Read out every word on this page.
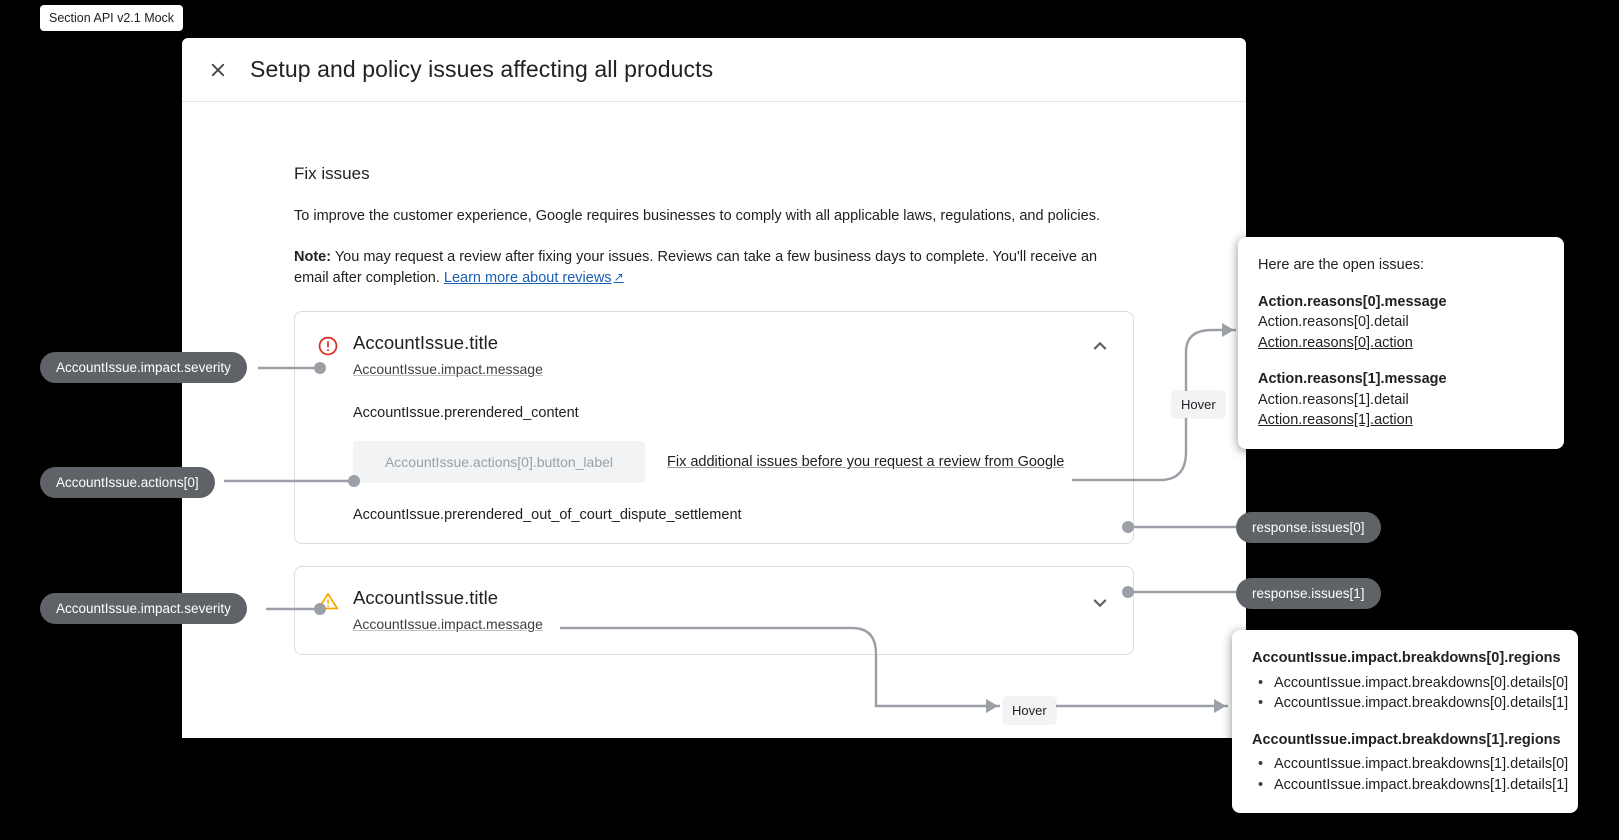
Section API v2.1 Mock
Setup and policy issues affecting all products
Fix issues

To improve the customer experience, Google requires businesses to comply with all applicable laws, regulations, and policies.

Note: You may request a review after fixing your issues. Reviews can take a few business days to complete. You'll receive an email after completion. Learn more about reviews ↗

AccountIssue.title
AccountIssue.impact.message
AccountIssue.prerendered_content
AccountIssue.actions[0].button_label	Fix additional issues before you request a review from Google
AccountIssue.prerendered_out_of_court_dispute_settlement
AccountIssue.title
AccountIssue.impact.message
AccountIssue.impact.severity
AccountIssue.actions[0]
AccountIssue.impact.severity
response.issues[0]
response.issues[1]
Hover
Hover
Here are the open issues:
Action.reasons[0].message
Action.reasons[0].detail
Action.reasons[0].action
Action.reasons[1].message
Action.reasons[1].detail
Action.reasons[1].action
AccountIssue.impact.breakdowns[0].regions
• AccountIssue.impact.breakdowns[0].details[0]
• AccountIssue.impact.breakdowns[0].details[1]
AccountIssue.impact.breakdowns[1].regions
• AccountIssue.impact.breakdowns[1].details[0]
• AccountIssue.impact.breakdowns[1].details[1]
